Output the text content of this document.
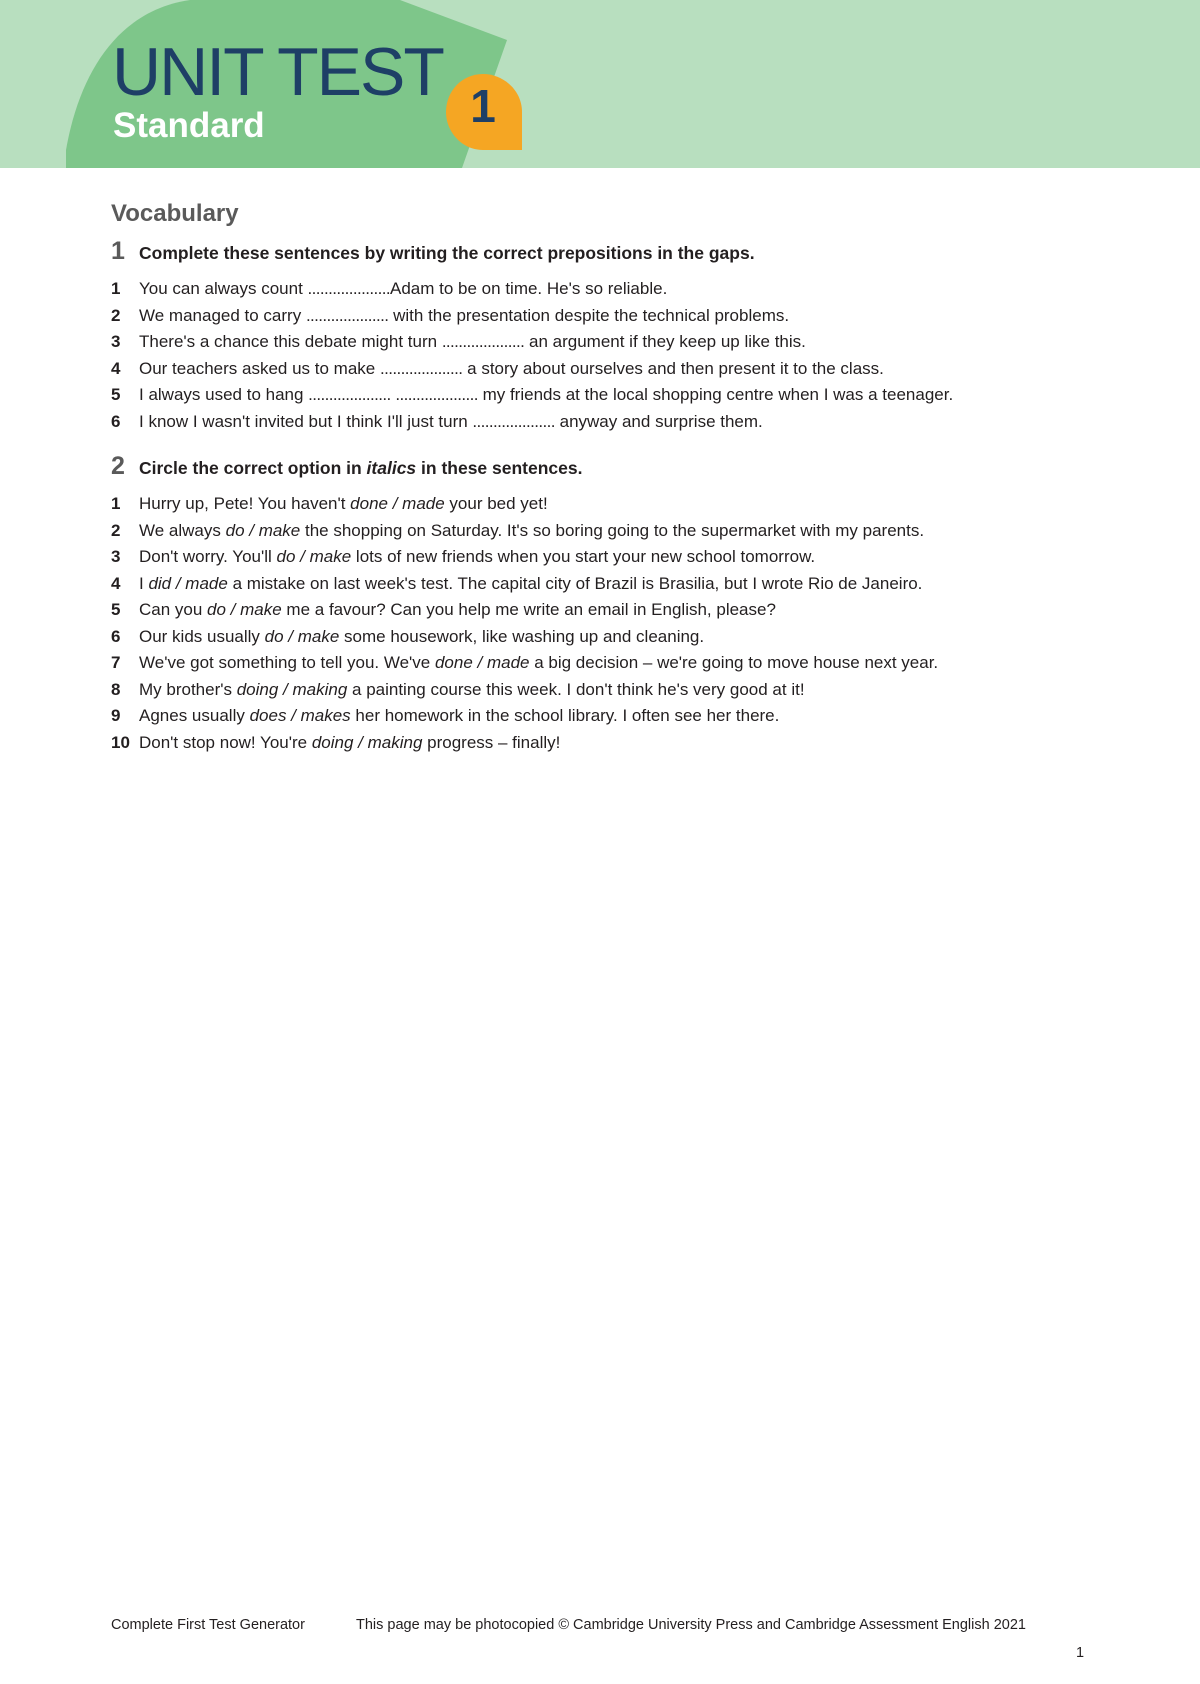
UNIT TEST
Standard	1
Vocabulary
1 Complete these sentences by writing the correct prepositions in the gaps.
1 You can always count ....................Adam to be on time. He's so reliable.
2 We managed to carry .................... with the presentation despite the technical problems.
3 There's a chance this debate might turn .................... an argument if they keep up like this.
4 Our teachers asked us to make .................... a story about ourselves and then present it to the class.
5 I always used to hang .................... .................... my friends at the local shopping centre when I was a teenager.
6 I know I wasn't invited but I think I'll just turn .................... anyway and surprise them.
2 Circle the correct option in italics in these sentences.
1 Hurry up, Pete! You haven't done / made your bed yet!
2 We always do / make the shopping on Saturday. It's so boring going to the supermarket with my parents.
3 Don't worry. You'll do / make lots of new friends when you start your new school tomorrow.
4 I did / made a mistake on last week's test. The capital city of Brazil is Brasilia, but I wrote Rio de Janeiro.
5 Can you do / make me a favour? Can you help me write an email in English, please?
6 Our kids usually do / make some housework, like washing up and cleaning.
7 We've got something to tell you. We've done / made a big decision – we're going to move house next year.
8 My brother's doing / making a painting course this week. I don't think he's very good at it!
9 Agnes usually does / makes her homework in the school library. I often see her there.
10 Don't stop now! You're doing / making progress – finally!
Complete First Test Generator	This page may be photocopied © Cambridge University Press and Cambridge Assessment English 2021
1
